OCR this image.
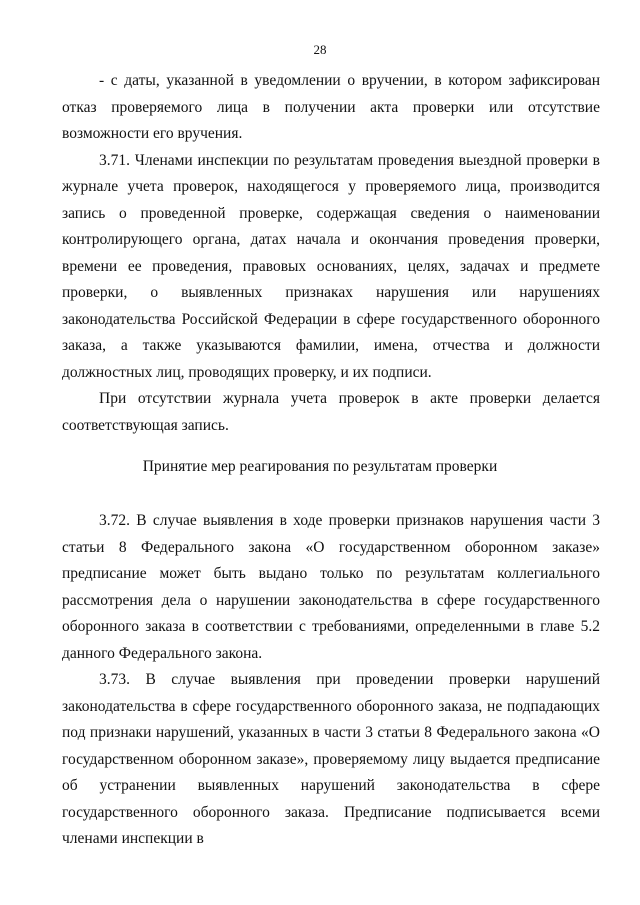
28

- с даты, указанной в уведомлении о вручении, в котором зафиксирован отказ проверяемого лица в получении акта проверки или отсутствие возможности его вручения.

3.71. Членами инспекции по результатам проведения выездной проверки в журнале учета проверок, находящегося у проверяемого лица, производится запись о проведенной проверке, содержащая сведения о наименовании контролирующего органа, датах начала и окончания проведения проверки, времени ее проведения, правовых основаниях, целях, задачах и предмете проверки, о выявленных признаках нарушения или нарушениях законодательства Российской Федерации в сфере государственного оборонного заказа, а также указываются фамилии, имена, отчества и должности должностных лиц, проводящих проверку, и их подписи.

При отсутствии журнала учета проверок в акте проверки делается соответствующая запись.

Принятие мер реагирования по результатам проверки

3.72. В случае выявления в ходе проверки признаков нарушения части 3 статьи 8 Федерального закона «О государственном оборонном заказе» предписание может быть выдано только по результатам коллегиального рассмотрения дела о нарушении законодательства в сфере государственного оборонного заказа в соответствии с требованиями, определенными в главе 5.2 данного Федерального закона.

3.73. В случае выявления при проведении проверки нарушений законодательства в сфере государственного оборонного заказа, не подпадающих под признаки нарушений, указанных в части 3 статьи 8 Федерального закона «О государственном оборонном заказе», проверяемому лицу выдается предписание об устранении выявленных нарушений законодательства в сфере государственного оборонного заказа. Предписание подписывается всеми членами инспекции в
